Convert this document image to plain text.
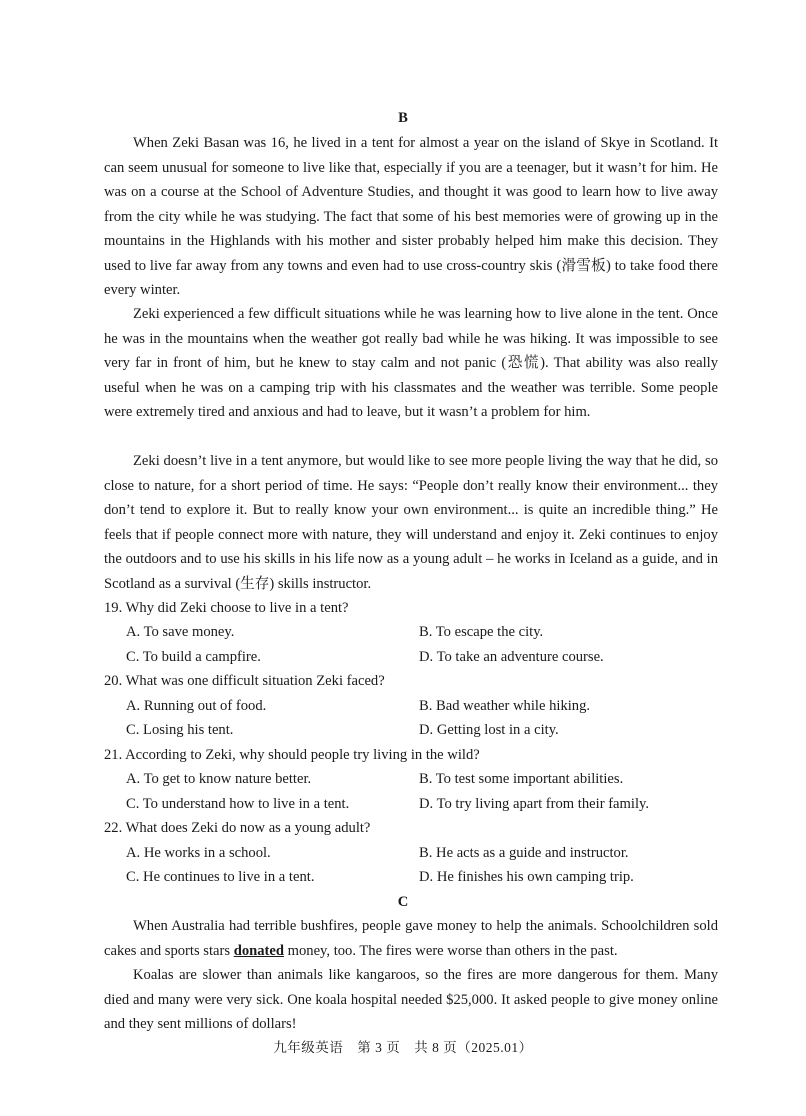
B

When Zeki Basan was 16, he lived in a tent for almost a year on the island of Skye in Scotland. It can seem unusual for someone to live like that, especially if you are a teenager, but it wasn’t for him. He was on a course at the School of Adventure Studies, and thought it was good to learn how to live away from the city while he was studying. The fact that some of his best memories were of growing up in the mountains in the Highlands with his mother and sister probably helped him make this decision. They used to live far away from any towns and even had to use cross-country skis (滑雪板) to take food there every winter.

Zeki experienced a few difficult situations while he was learning how to live alone in the tent. Once he was in the mountains when the weather got really bad while he was hiking. It was impossible to see very far in front of him, but he knew to stay calm and not panic (恐慌). That ability was also really useful when he was on a camping trip with his classmates and the weather was terrible. Some people were extremely tired and anxious and had to leave, but it wasn’t a problem for him.

Zeki doesn’t live in a tent anymore, but would like to see more people living the way that he did, so close to nature, for a short period of time. He says: “People don’t really know their environment... they don’t tend to explore it. But to really know your own environment... is quite an incredible thing.” He feels that if people connect more with nature, they will understand and enjoy it. Zeki continues to enjoy the outdoors and to use his skills in his life now as a young adult – he works in Iceland as a guide, and in Scotland as a survival (生存) skills instructor.

19. Why did Zeki choose to live in a tent?
A. To save money.	B. To escape the city.
C. To build a campfire.	D. To take an adventure course.
20. What was one difficult situation Zeki faced?
A. Running out of food.	B. Bad weather while hiking.
C. Losing his tent.	D. Getting lost in a city.
21. According to Zeki, why should people try living in the wild?
A. To get to know nature better.	B. To test some important abilities.
C. To understand how to live in a tent.	D. To try living apart from their family.
22. What does Zeki do now as a young adult?
A. He works in a school.	B. He acts as a guide and instructor.
C. He continues to live in a tent.	D. He finishes his own camping trip.
C

When Australia had terrible bushfires, people gave money to help the animals. Schoolchildren sold cakes and sports stars donated money, too. The fires were worse than others in the past.

Koalas are slower than animals like kangaroos, so the fires are more dangerous for them. Many died and many were very sick. One koala hospital needed $25,000. It asked people to give money online and they sent millions of dollars!

九年级英语　第 3 页　共 8 页（2025.01）
